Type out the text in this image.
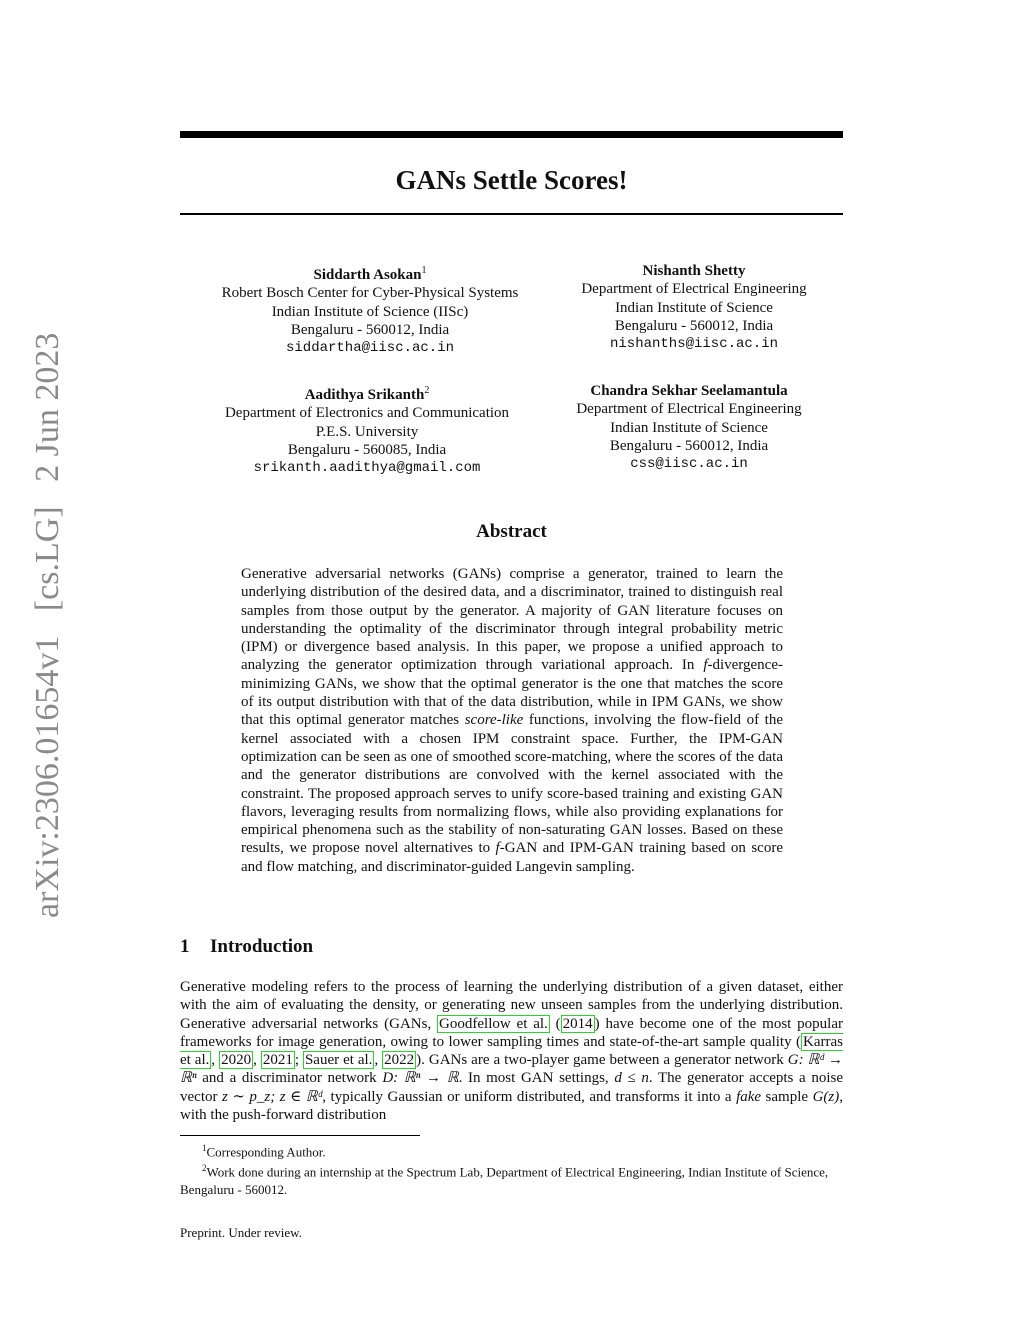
arXiv:2306.01654v1 [cs.LG] 2 Jun 2023
GANs Settle Scores!
Siddarth Asokan$^1$
Robert Bosch Center for Cyber-Physical Systems
Indian Institute of Science (IISc)
Bengaluru - 560012, India
siddartha@iisc.ac.in
Nishanth Shetty
Department of Electrical Engineering
Indian Institute of Science
Bengaluru - 560012, India
nishanths@iisc.ac.in
Aadithya Srikanth$^2$
Department of Electronics and Communication
P.E.S. University
Bengaluru - 560085, India
srikanth.aadithya@gmail.com
Chandra Sekhar Seelamantula
Department of Electrical Engineering
Indian Institute of Science
Bengaluru - 560012, India
css@iisc.ac.in
Abstract
Generative adversarial networks (GANs) comprise a generator, trained to learn the underlying distribution of the desired data, and a discriminator, trained to distinguish real samples from those output by the generator. A majority of GAN literature focuses on understanding the optimality of the discriminator through integral probability metric (IPM) or divergence based analysis. In this paper, we propose a unified approach to analyzing the generator optimization through variational approach. In f-divergence-minimizing GANs, we show that the optimal generator is the one that matches the score of its output distribution with that of the data distribution, while in IPM GANs, we show that this optimal generator matches score-like functions, involving the flow-field of the kernel associated with a chosen IPM constraint space. Further, the IPM-GAN optimization can be seen as one of smoothed score-matching, where the scores of the data and the generator distributions are convolved with the kernel associated with the constraint. The proposed approach serves to unify score-based training and existing GAN flavors, leveraging results from normalizing flows, while also providing explanations for empirical phenomena such as the stability of non-saturating GAN losses. Based on these results, we propose novel alternatives to f-GAN and IPM-GAN training based on score and flow matching, and discriminator-guided Langevin sampling.
1 Introduction
Generative modeling refers to the process of learning the underlying distribution of a given dataset, either with the aim of evaluating the density, or generating new unseen samples from the underlying distribution. Generative adversarial networks (GANs, Goodfellow et al. ( 2014 ) have become one of the most popular frameworks for image generation, owing to lower sampling times and state-of-the-art sample quality ( Karras et al. , 2020 , 2021 ; Sauer et al. , 2022 ). GANs are a two-player game between a generator network G: ℝᵈ → ℝⁿ and a discriminator network D: ℝⁿ → ℝ. In most GAN settings, d ≤ n. The generator accepts a noise vector z ∼ p_z; z ∈ ℝᵈ, typically Gaussian or uniform distributed, and transforms it into a fake sample G(z), with the push-forward distribution
$^1$Corresponding Author.
$^2$Work done during an internship at the Spectrum Lab, Department of Electrical Engineering, Indian Institute of Science, Bengaluru - 560012.
Preprint. Under review.
